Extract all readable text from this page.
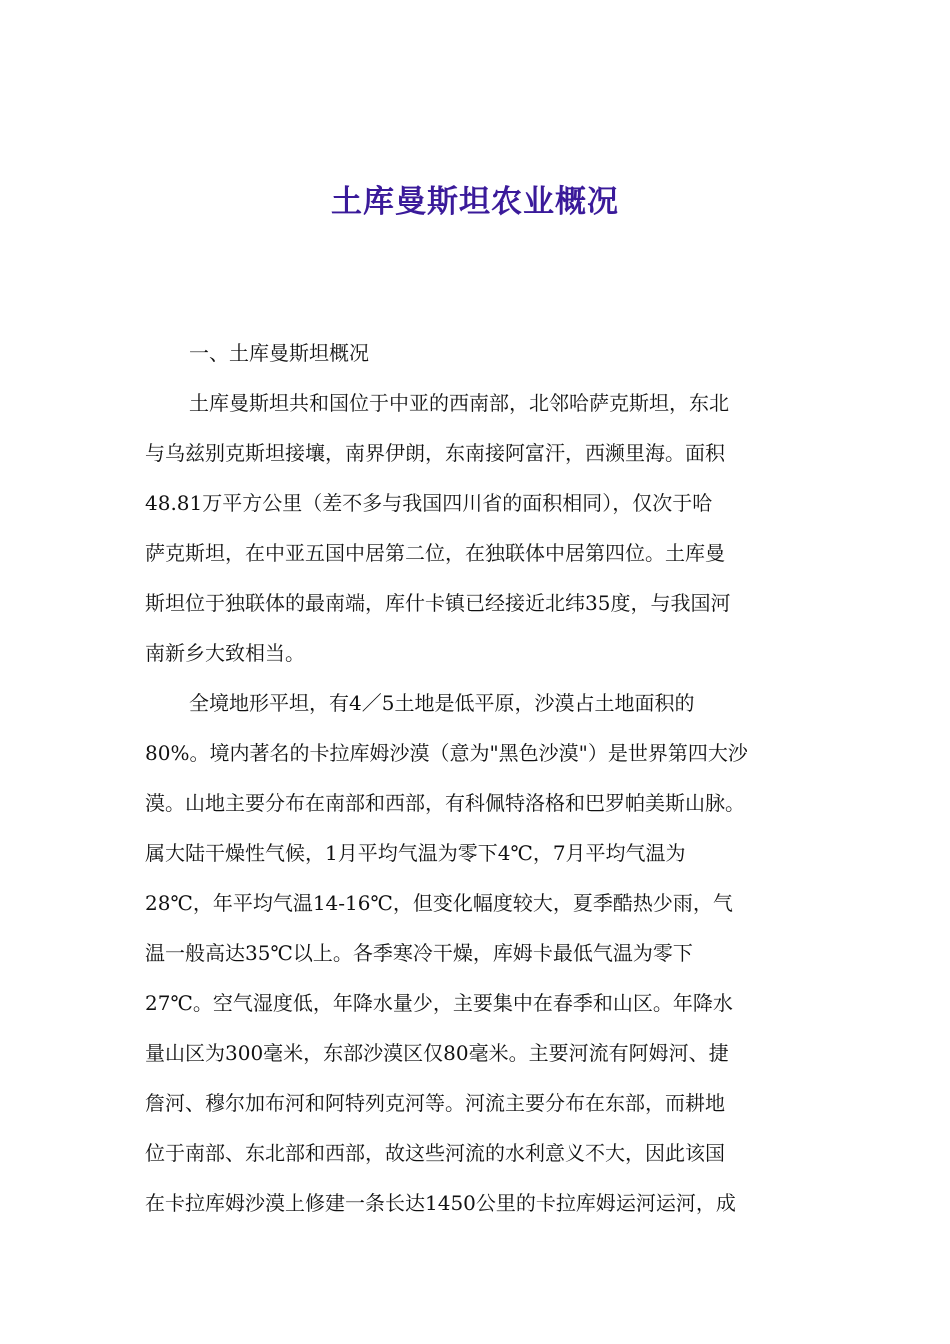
土库曼斯坦农业概况

一、土库曼斯坦概况

土库曼斯坦共和国位于中亚的西南部，北邻哈萨克斯坦，东北
与乌兹别克斯坦接壤，南界伊朗，东南接阿富汗，西濒里海。面积
48.81万平方公里（差不多与我国四川省的面积相同），仅次于哈
萨克斯坦，在中亚五国中居第二位，在独联体中居第四位。土库曼
斯坦位于独联体的最南端，库什卡镇已经接近北纬35度，与我国河
南新乡大致相当。

全境地形平坦，有4／5土地是低平原，沙漠占土地面积的
80%。境内著名的卡拉库姆沙漠（意为"黑色沙漠"）是世界第四大沙
漠。山地主要分布在南部和西部，有科佩特洛格和巴罗帕美斯山脉。
属大陆干燥性气候，1月平均气温为零下4℃，7月平均气温为
28℃，年平均气温14-16℃，但变化幅度较大，夏季酷热少雨，气
温一般高达35℃以上。各季寒冷干燥，库姆卡最低气温为零下
27℃。空气湿度低，年降水量少，主要集中在春季和山区。年降水
量山区为300毫米，东部沙漠区仅80毫米。主要河流有阿姆河、捷
詹河、穆尔加布河和阿特列克河等。河流主要分布在东部，而耕地
位于南部、东北部和西部，故这些河流的水利意义不大，因此该国
在卡拉库姆沙漠上修建一条长达1450公里的卡拉库姆运河运河，成
